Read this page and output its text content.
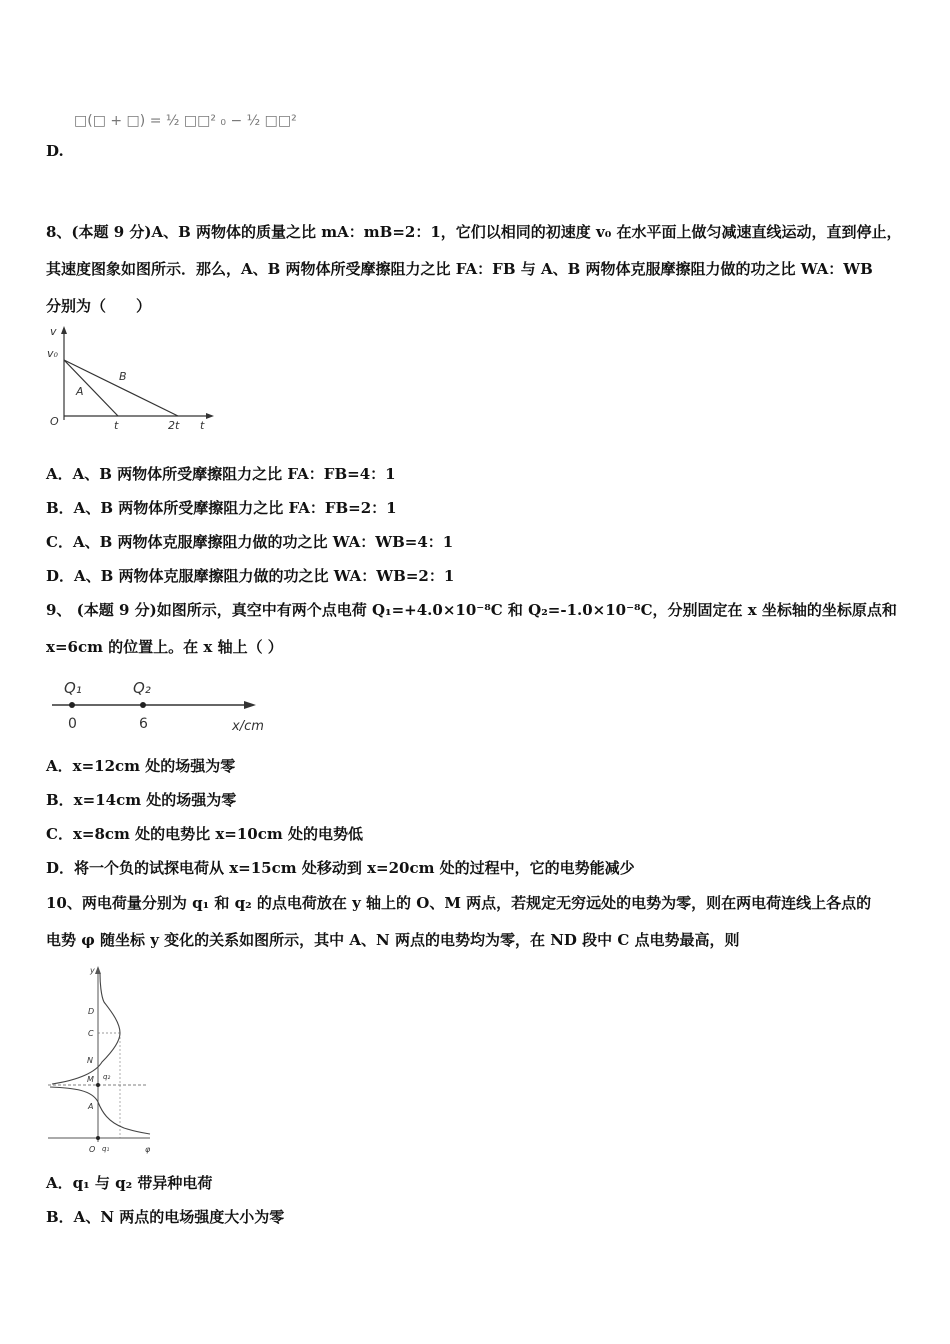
□(□ + □) = ½ □□² ₀ − ½ □□²
D.
8、(本题 9 分)A、B 两物体的质量之比 mA：mB=2：1，它们以相同的初速度 v₀ 在水平面上做匀减速直线运动，直到停止，
其速度图象如图所示．那么，A、B 两物体所受摩擦阻力之比 FA：FB 与 A、B 两物体克服摩擦阻力做的功之比 WA：WB
分别为（　　）
v
v₀
O	t	2t t
A
B
A．A、B 两物体所受摩擦阻力之比 FA：FB=4：1
B．A、B 两物体所受摩擦阻力之比 FA：FB=2：1
C．A、B 两物体克服摩擦阻力做的功之比 WA：WB=4：1
D．A、B 两物体克服摩擦阻力做的功之比 WA：WB=2：1
9、 (本题 9 分)如图所示，真空中有两个点电荷 Q₁=+4.0×10⁻⁸C 和 Q₂=-1.0×10⁻⁸C，分别固定在 x 坐标轴的坐标原点和
x=6cm 的位置上。在 x 轴上（ ）
Q₁	Q₂
0	6	x/cm
A．x=12cm 处的场强为零
B．x=14cm 处的场强为零
C．x=8cm 处的电势比 x=10cm 处的电势低
D．将一个负的试探电荷从 x=15cm 处移动到 x=20cm 处的过程中，它的电势能减少
10、两电荷量分别为 q₁ 和 q₂ 的点电荷放在 y 轴上的 O、M 两点，若规定无穷远处的电势为零，则在两电荷连线上各点的
电势 φ 随坐标 y 变化的关系如图所示，其中 A、N 两点的电势均为零，在 ND 段中 C 点电势最高，则
y
D
C
N
M q₂
A
O q₁	φ
A．q₁ 与 q₂ 带异种电荷
B．A、N 两点的电场强度大小为零
